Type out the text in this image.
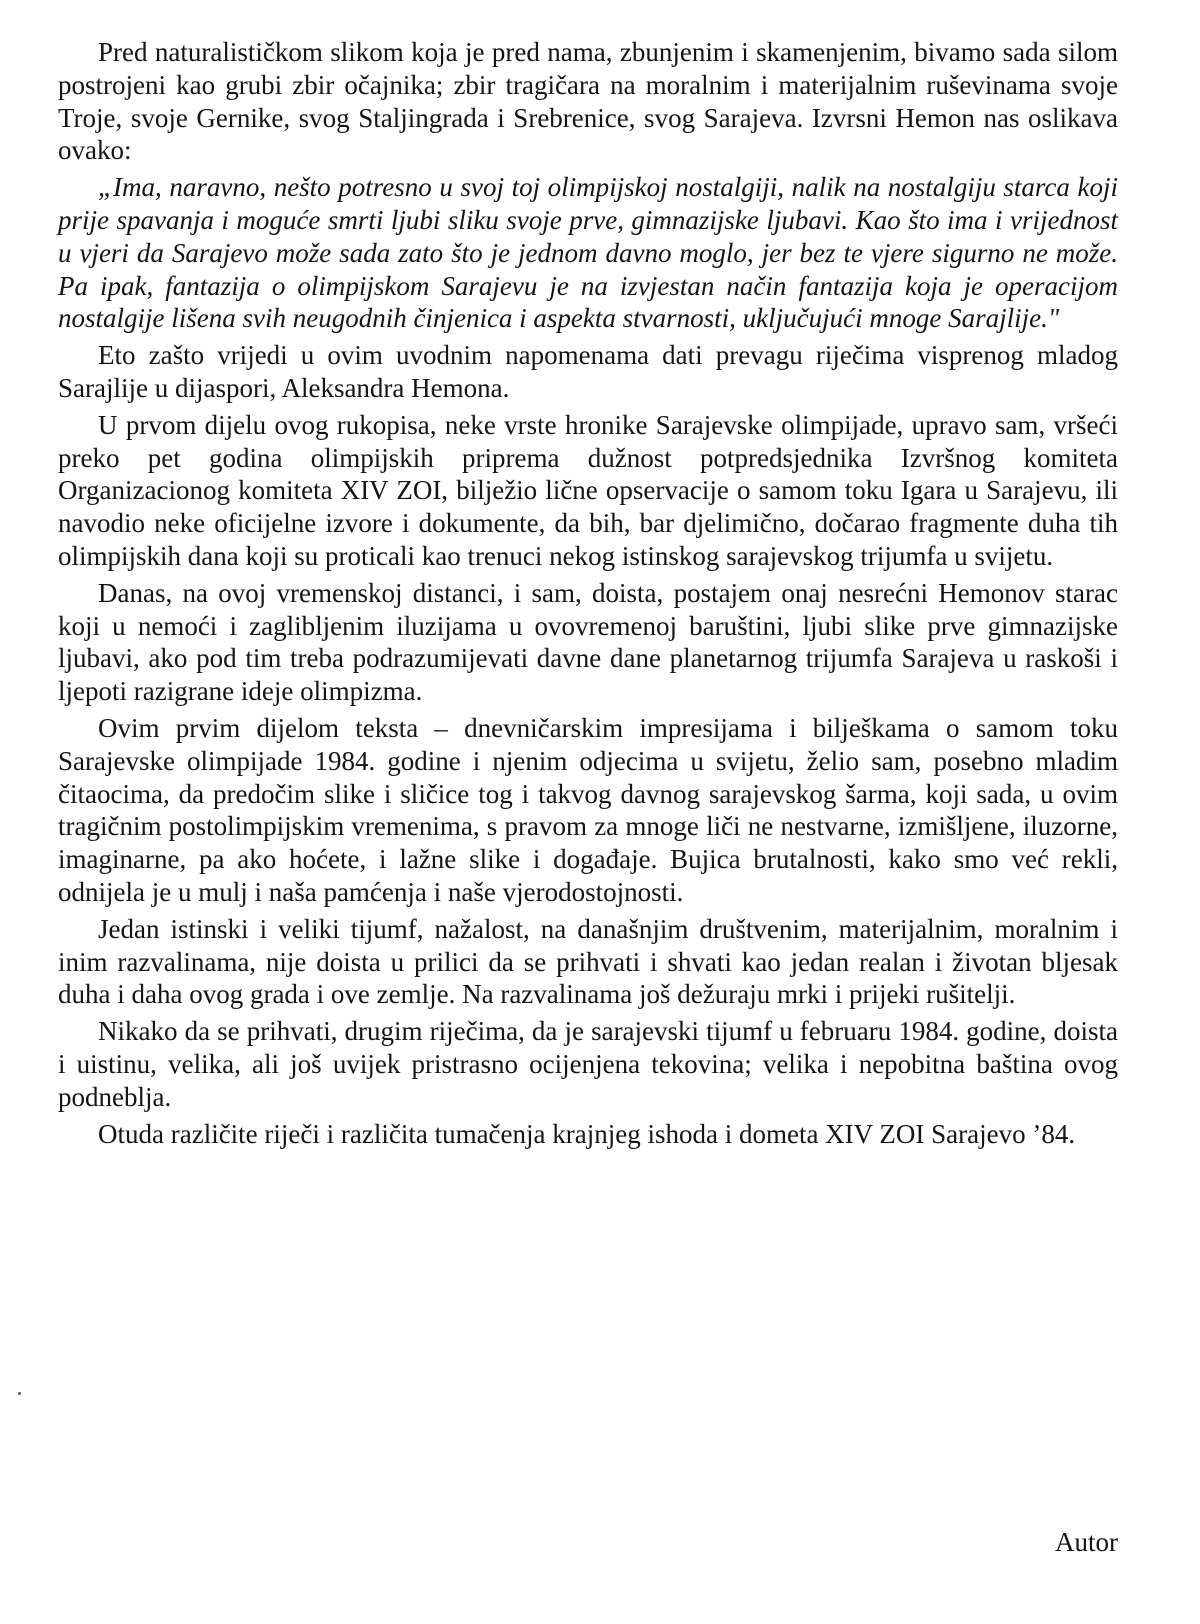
Pred naturalističkom slikom koja je pred nama, zbunjenim i skamenjenim, bivamo sada silom postrojeni kao grubi zbir očajnika; zbir tragičara na moralnim i materijalnim ruševinama svoje Troje, svoje Gernike, svog Staljingrada i Srebrenice, svog Sarajeva. Izvrsni Hemon nas oslikava ovako:

„Ima, naravno, nešto potresno u svoj toj olimpijskoj nostalgiji, nalik na nostalgiju starca koji prije spavanja i moguće smrti ljubi sliku svoje prve, gimnazijske ljubavi. Kao što ima i vrijednost u vjeri da Sarajevo može sada zato što je jednom davno moglo, jer bez te vjere sigurno ne može. Pa ipak, fantazija o olimpijskom Sarajevu je na izvjestan način fantazija koja je operacijom nostalgije lišena svih neugodnih činjenica i aspekta stvarnosti, uključujući mnoge Sarajlije."

Eto zašto vrijedi u ovim uvodnim napomenama dati prevagu riječima visprenog mladog Sarajlije u dijaspori, Aleksandra Hemona.

U prvom dijelu ovog rukopisa, neke vrste hronike Sarajevske olimpijade, upravo sam, vršeći preko pet godina olimpijskih priprema dužnost potpredsjednika Izvršnog komiteta Organizacionog komiteta XIV ZOI, bilježio lične opservacije o samom toku Igara u Sarajevu, ili navodio neke oficijelne izvore i dokumente, da bih, bar djelimično, dočarao fragmente duha tih olimpijskih dana koji su proticali kao trenuci nekog istinskog sarajevskog trijumfa u svijetu.

Danas, na ovoj vremenskoj distanci, i sam, doista, postajem onaj nesrećni Hemonov starac koji u nemoći i zaglibljenim iluzijama u ovovremenoj baruštini, ljubi slike prve gimnazijske ljubavi, ako pod tim treba podrazumijevati davne dane planetarnog trijumfa Sarajeva u raskoši i ljepoti razigrane ideje olimpizma.

Ovim prvim dijelom teksta – dnevničarskim impresijama i bilješkama o samom toku Sarajevske olimpijade 1984. godine i njenim odjecima u svijetu, želio sam, posebno mladim čitaocima, da predočim slike i sličice tog i takvog davnog sarajevskog šarma, koji sada, u ovim tragičnim postolimpijskim vremenima, s pravom za mnoge liči ne nestvarne, izmišljene, iluzorne, imaginarne, pa ako hoćete, i lažne slike i događaje. Bujica brutalnosti, kako smo već rekli, odnijela je u mulj i naša pamćenja i naše vjerodostojnosti.

Jedan istinski i veliki tijumf, nažalost, na današnjim društvenim, materijalnim, moralnim i inim razvalinama, nije doista u prilici da se prihvati i shvati kao jedan realan i životan bljesak duha i daha ovog grada i ove zemlje. Na razvalinama još dežuraju mrki i prijeki rušitelji.

Nikako da se prihvati, drugim riječima, da je sarajevski tijumf u februaru 1984. godine, doista i uistinu, velika, ali još uvijek pristrasno ocijenjena tekovina; velika i nepobitna baština ovog podneblja.

Otuda različite riječi i različita tumačenja krajnjeg ishoda i dometa XIV ZOI Sarajevo ’84.

Autor
